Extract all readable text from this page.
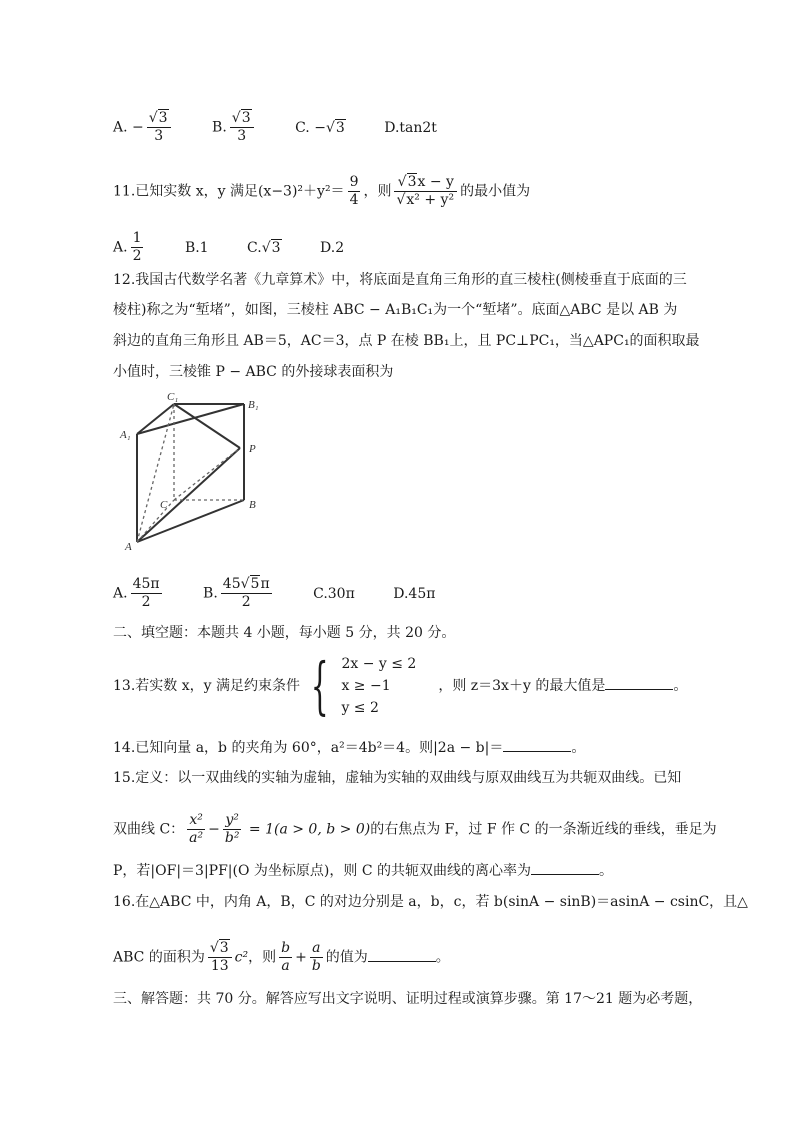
A. − $\frac{√3}{3}$	B. $\frac{√3}{3}$	C. −√3	D.tan2t
11.已知实数 x，y 满足$(x-3)^2+y^2= \frac{9}{4}$ ，则 $\frac{√3x - y}{\text{√x² + y²}}$ 的最小值为
A. $\frac{1}{2}$	B.1	C.√3	D.2
12.我国古代数学名著《九章算术》中，将底面是直角三角形的直三棱柱(侧棱垂直于底面的三
棱柱)称之为“堑堵”，如图，三棱柱 ABC − A₁B₁C₁为一个“堑堵”。底面△ABC 是以 AB 为
斜边的直角三角形且 AB＝5，AC＝3，点 P 在棱 BB₁上，且 PC⊥PC₁，当△APC₁的面积取最
小值时，三棱锥 P − ABC 的外接球表面积为
C₁
B₁
A₁
P
C	B
A
A. $\frac{45\pi}{2}$	B. $\frac{45√5\pi}{2}$	C.30π	D.45π
二、填空题：本题共 4 小题，每小题 5 分，共 20 分。
13.若实数 x，y 满足约束条件 { 2x − y ≤ 2
x ≥ −1
y ≤ 2
，则 z＝3x＋y 的最大值是	。
14.已知向量 a，b 的夹角为 60°，a²＝4b²＝4。则|2a − b|＝	。
15.定义：以一双曲线的实轴为虚轴，虚轴为实轴的双曲线与原双曲线互为共轭双曲线。已知
双曲线 C： $\frac{\text{x²}}{\text{a²}} - \frac{\text{y²}}{\text{b²}} = 1(a > 0$, b > 0)的右焦点为 F，过 F 作 C 的一条渐近线的垂线，垂足为
P，若|OF|＝3|PF|(O 为坐标原点)，则 C 的共轭双曲线的离心率为	。
16.在△ABC 中，内角 A，B，C 的对边分别是 a，b，c，若 b(sinA − sinB)＝asinA − csinC，且△
ABC 的面积为 $\frac{√3}{13} c^2$，则 $\frac{b}{a} + \frac{a}{b}$ 的值为	。
三、解答题：共 70 分。解答应写出文字说明、证明过程或演算步骤。第 17～21 题为必考题，
